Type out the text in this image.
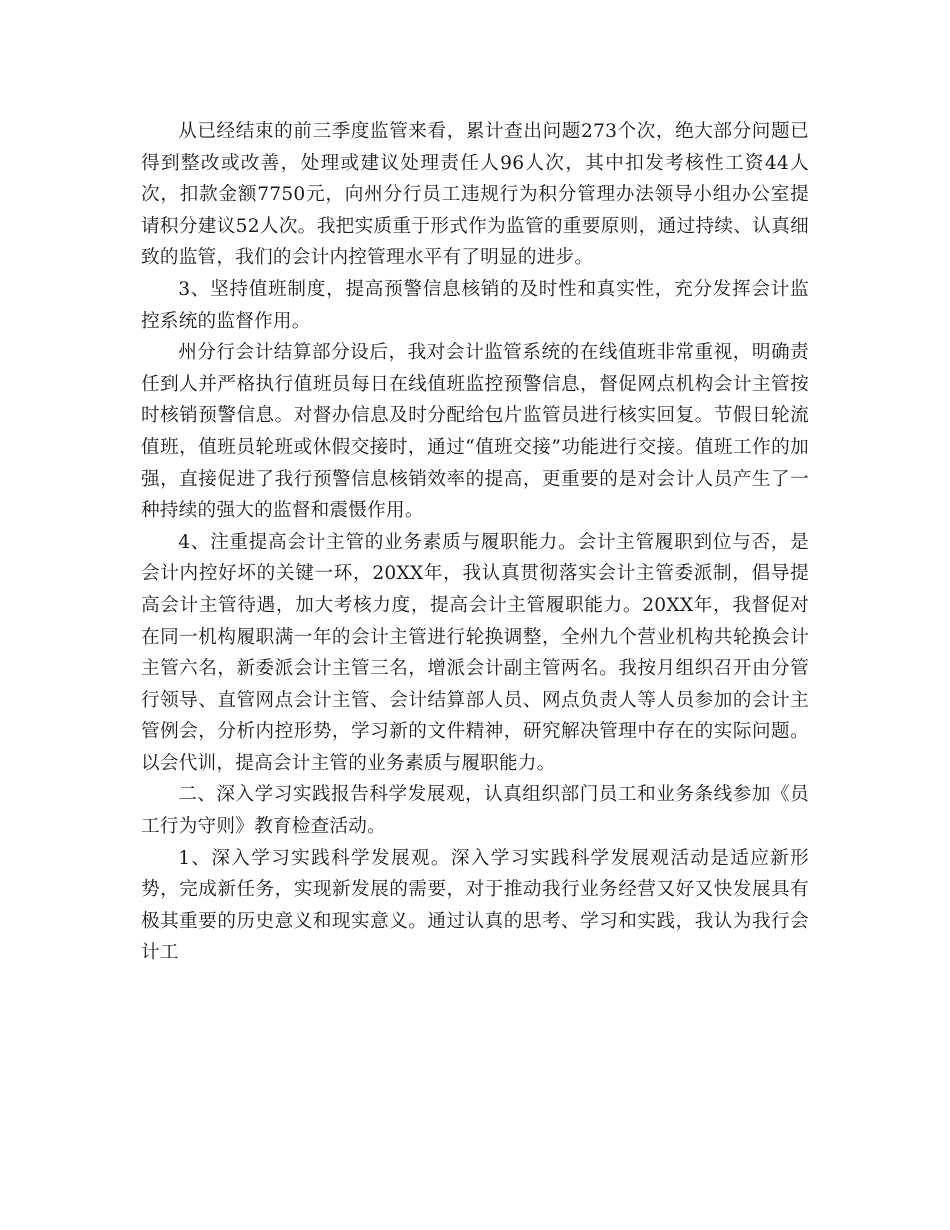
从已经结束的前三季度监管来看，累计查出问题273个次，绝大部分问题已得到整改或改善，处理或建议处理责任人96人次，其中扣发考核性工资44人次，扣款金额7750元，向州分行员工违规行为积分管理办法领导小组办公室提请积分建议52人次。我把实质重于形式作为监管的重要原则，通过持续、认真细致的监管，我们的会计内控管理水平有了明显的进步。

3、坚持值班制度，提高预警信息核销的及时性和真实性，充分发挥会计监控系统的监督作用。

州分行会计结算部分设后，我对会计监管系统的在线值班非常重视，明确责任到人并严格执行值班员每日在线值班监控预警信息，督促网点机构会计主管按时核销预警信息。对督办信息及时分配给包片监管员进行核实回复。节假日轮流值班，值班员轮班或休假交接时，通过“值班交接”功能进行交接。值班工作的加强，直接促进了我行预警信息核销效率的提高，更重要的是对会计人员产生了一种持续的强大的监督和震慑作用。

4、注重提高会计主管的业务素质与履职能力。会计主管履职到位与否，是会计内控好坏的关键一环，20XX年，我认真贯彻落实会计主管委派制，倡导提高会计主管待遇，加大考核力度，提高会计主管履职能力。20XX年，我督促对在同一机构履职满一年的会计主管进行轮换调整，全州九个营业机构共轮换会计主管六名，新委派会计主管三名，增派会计副主管两名。我按月组织召开由分管行领导、直管网点会计主管、会计结算部人员、网点负责人等人员参加的会计主管例会，分析内控形势，学习新的文件精神，研究解决管理中存在的实际问题。以会代训，提高会计主管的业务素质与履职能力。

二、深入学习实践报告科学发展观，认真组织部门员工和业务条线参加《员工行为守则》教育检查活动。

1、深入学习实践科学发展观。深入学习实践科学发展观活动是适应新形势，完成新任务，实现新发展的需要，对于推动我行业务经营又好又快发展具有极其重要的历史意义和现实意义。通过认真的思考、学习和实践，我认为我行会计工
